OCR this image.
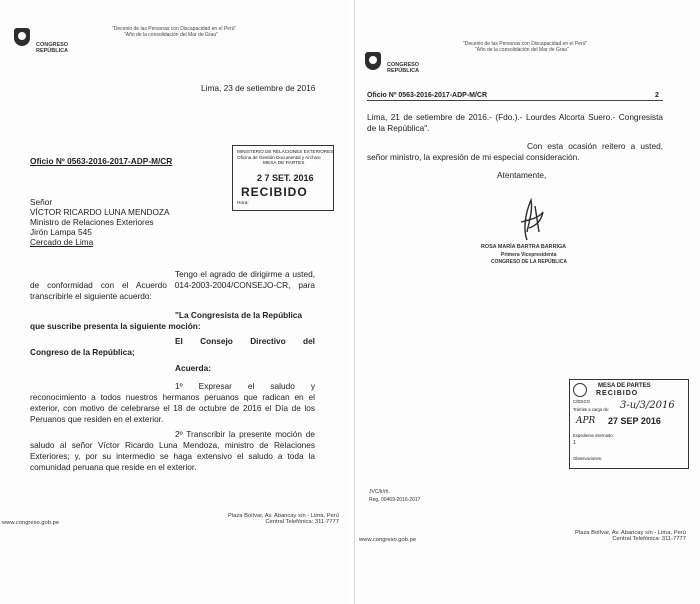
CONGRESO
REPÚBLICA
"Decenio de las Personas con Discapacidad en el Perú"
"Año de la consolidación del Mar de Grau"
Lima, 23 de setiembre de 2016
Oficio Nº 0563-2016-2017-ADP-M/CR
MINISTERIO DE RELACIONES EXTERIORES
Oficina de Gestión Documental y Archivo
MESA DE PARTES
2 7 SET. 2016
RECIBIDO
Hora:
Señor
VÍCTOR RICARDO LUNA MENDOZA
Ministro de Relaciones Exteriores
Jirón Lampa 545
Cercado de Lima
Tengo el agrado de dirigirme a usted, de conformidad con el Acuerdo 014-2003-2004/CONSEJO-CR, para transcribirle el siguiente acuerdo:
"La Congresista de la República
que suscribe presenta la siguiente moción:
El Consejo Directivo del
Congreso de la República;
Acuerda:
1º Expresar el saludo y reconocimiento a todos nuestros hermanos peruanos que radican en el exterior, con motivo de celebrarse el 18 de octubre de 2016 el Día de los Peruanos que residen en el exterior.
2º Transcribir la presente moción de saludo al señor Víctor Ricardo Luna Mendoza, ministro de Relaciones Exteriores; y, por su intermedio se haga extensivo el saludo a toda la comunidad peruana que reside en el exterior.
www.congreso.gob.pe
Plaza Bolívar, Av. Abancay s/n - Lima, Perú
Central Telefónica: 311-7777
CONGRESO
REPÚBLICA
"Decenio de las Personas con Discapacidad en el Perú"
"Año de la consolidación del Mar de Grau"
Oficio Nº 0563-2016-2017-ADP-M/CR	2
Lima, 21 de setiembre de 2016.- (Fdo.).- Lourdes Alcorta Suero.- Congresista de la República".
Con esta ocasión reitero a usted, señor ministro, la expresión de mi especial consideración.
Atentamente,
ROSA MARÍA BARTRA BARRIGA
Primera Vicepresidenta
CONGRESO DE LA REPÚBLICA
MESA DE PARTES
RECIBIDO
CÓDIGO
Trámite a cargo de: 3-u/3/2016
APR 27 SEP 2016
Expediente internado:
1
Observaciones:
JVC/lr/rh.
Reg. 00469-2016-2017
www.congreso.gob.pe
Plaza Bolívar, Av. Abancay s/n - Lima, Perú
Central Telefónica: 311-7777
